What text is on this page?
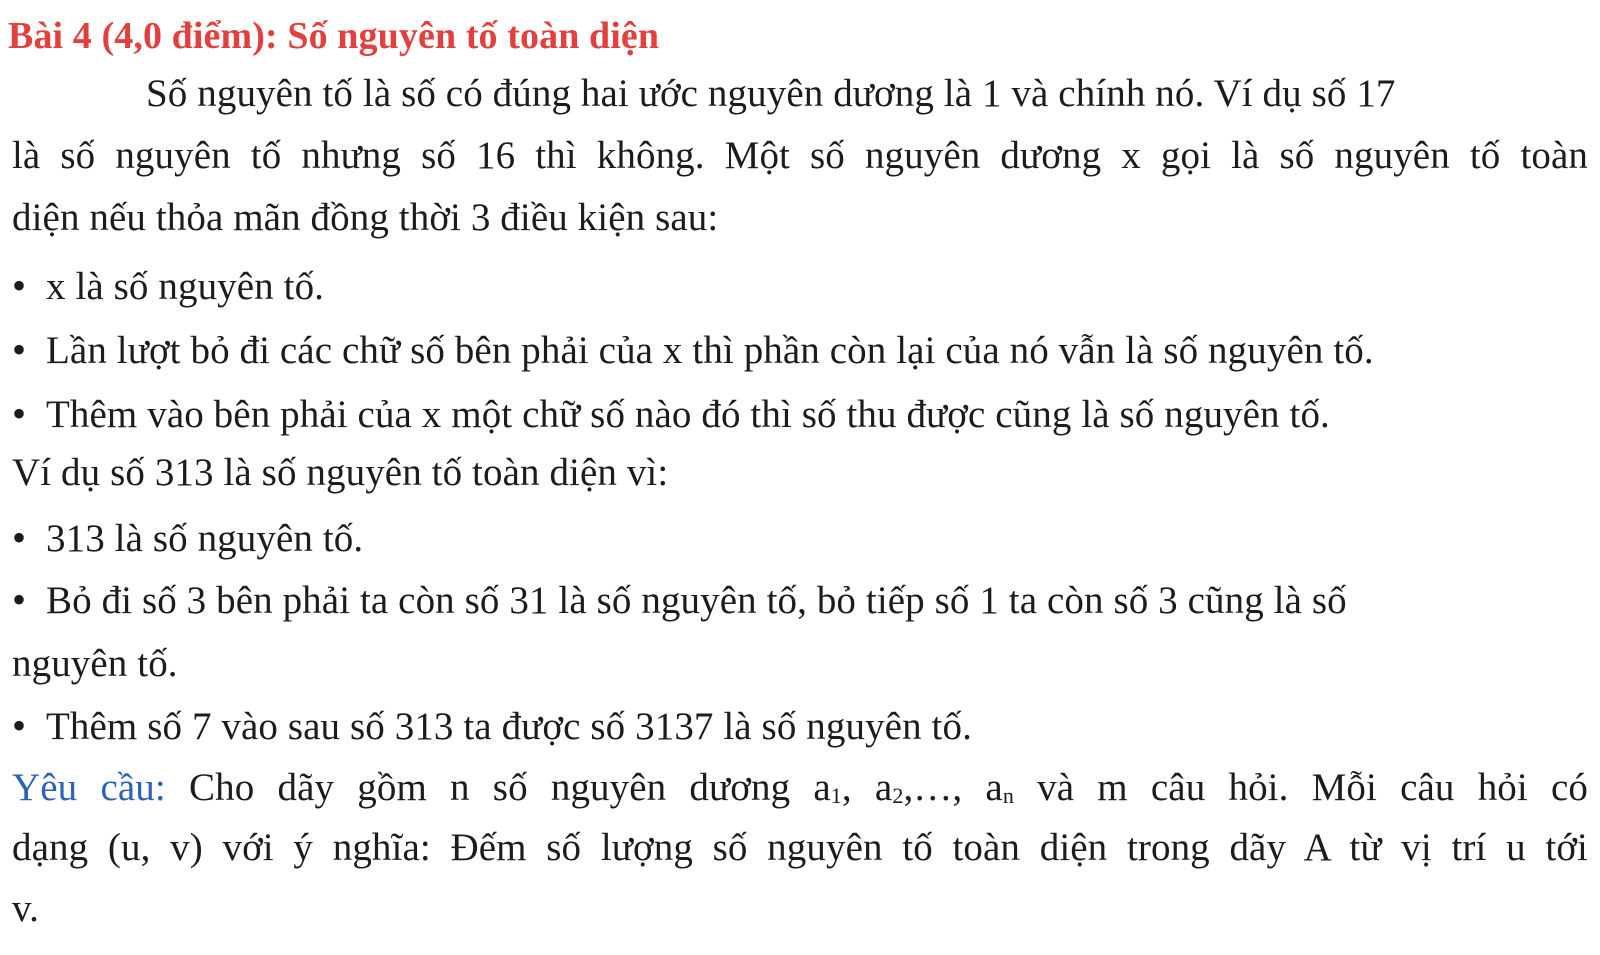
Bài 4 (4,0 điểm): Số nguyên tố toàn diện
Số nguyên tố là số có đúng hai ước nguyên dương là 1 và chính nó. Ví dụ số 17
là số nguyên tố nhưng số 16 thì không. Một số nguyên dương x gọi là số nguyên tố toàn
diện nếu thỏa mãn đồng thời 3 điều kiện sau:
• x là số nguyên tố.
• Lần lượt bỏ đi các chữ số bên phải của x thì phần còn lại của nó vẫn là số nguyên tố.
• Thêm vào bên phải của x một chữ số nào đó thì số thu được cũng là số nguyên tố.
Ví dụ số 313 là số nguyên tố toàn diện vì:
• 313 là số nguyên tố.
• Bỏ đi số 3 bên phải ta còn số 31 là số nguyên tố, bỏ tiếp số 1 ta còn số 3 cũng là số
nguyên tố.
• Thêm số 7 vào sau số 313 ta được số 3137 là số nguyên tố.
Yêu cầu: Cho dãy gồm n số nguyên dương $a_1$, $a_2,\dots$, $a_n$ và m câu hỏi. Mỗi câu hỏi có
dạng (u, v) với ý nghĩa: Đếm số lượng số nguyên tố toàn diện trong dãy A từ vị trí u tới
v.
